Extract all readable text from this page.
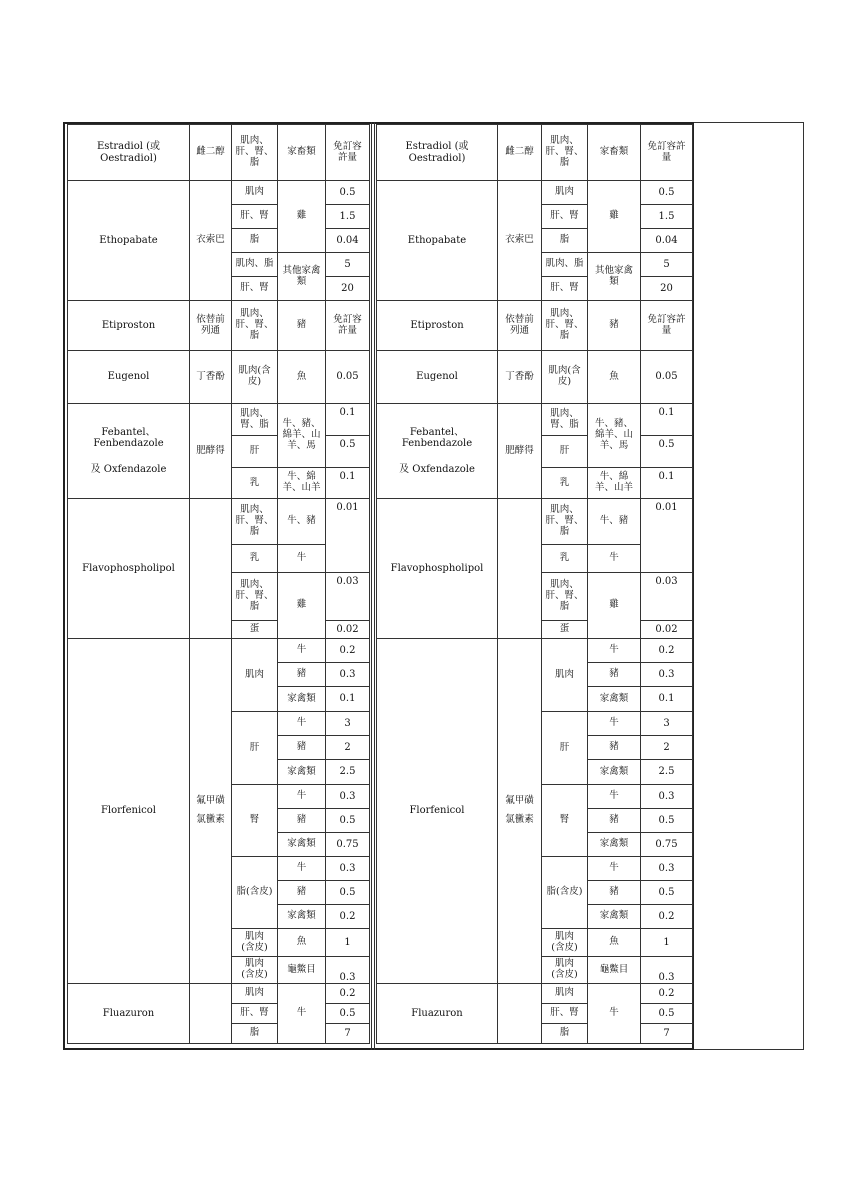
Estradiol (或 Oestradiol)	雌二醇	肌肉、
肝、腎、
脂	家畜類	免訂容
許量

Ethopabate	衣索巴	肌肉	雞	0.5
		肝、腎		1.5
		脂		0.04
		肌肉、脂	其他家禽
類	5
		肝、腎		20
Etiproston	依替前
列通	肌肉、
肝、腎、
脂	豬	免訂容
許量

Eugenol	丁香酚	肌肉(含
皮)	魚	0.05

Febantel、Fenbendazole
及 Oxfendazole	肥酵得	肌肉、
腎、脂	牛、豬、
綿羊、山
羊、馬	0.1
		肝		0.5
		乳	牛、綿
羊、山羊	0.1
Flavophospholipol		肌肉、
肝、腎、
脂	牛、豬	0.01
		乳	牛	

		肌肉、
肝、腎、
脂	雞	0.03
		蛋		0.02
Florfenicol	氟甲磺
氯黴素	肌肉	牛	0.2
			豬	0.3
			家禽類	0.1
		肝	牛	3
			豬	2
			家禽類	2.5
		腎	牛	0.3
			豬	0.5
			家禽類	0.75
		脂(含皮)	牛	0.3
			豬	0.5
			家禽類	0.2

		肌肉
(含皮)	魚	1

		肌肉
(含皮)	龜鱉目	0.3
Fluazuron		肌肉	牛	0.2
		肝、腎		0.5
		脂		7
Estradiol (或 Oestradiol)	雌二醇	肌肉、
肝、腎、
脂	家畜類	免訂容許
量

Ethopabate	衣索巴	肌肉	雞	0.5
		肝、腎		1.5
		脂		0.04
		肌肉、脂	其他家禽
類	5
		肝、腎		20
Etiproston	依替前
列通	肌肉、
肝、腎、
脂	豬	免訂容許
量

Eugenol	丁香酚	肌肉(含
皮)	魚	0.05

Febantel、Fenbendazole
及 Oxfendazole	肥酵得	肌肉、
腎、脂	牛、豬、
綿羊、山
羊、馬	0.1
		肝		0.5
		乳	牛、綿
羊、山羊	0.1
Flavophospholipol		肌肉、
肝、腎、
脂	牛、豬	0.01
		乳	牛	

		肌肉、
肝、腎、
脂	雞	0.03
		蛋		0.02
Florfenicol	氟甲磺
氯黴素	肌肉	牛	0.2
			豬	0.3
			家禽類	0.1
		肝	牛	3
			豬	2
			家禽類	2.5
		腎	牛	0.3
			豬	0.5
			家禽類	0.75
		脂(含皮)	牛	0.3
			豬	0.5
			家禽類	0.2

		肌肉
(含皮)	魚	1

		肌肉
(含皮)	龜鱉目	0.3
Fluazuron		肌肉	牛	0.2
		肝、腎		0.5
		脂		7
